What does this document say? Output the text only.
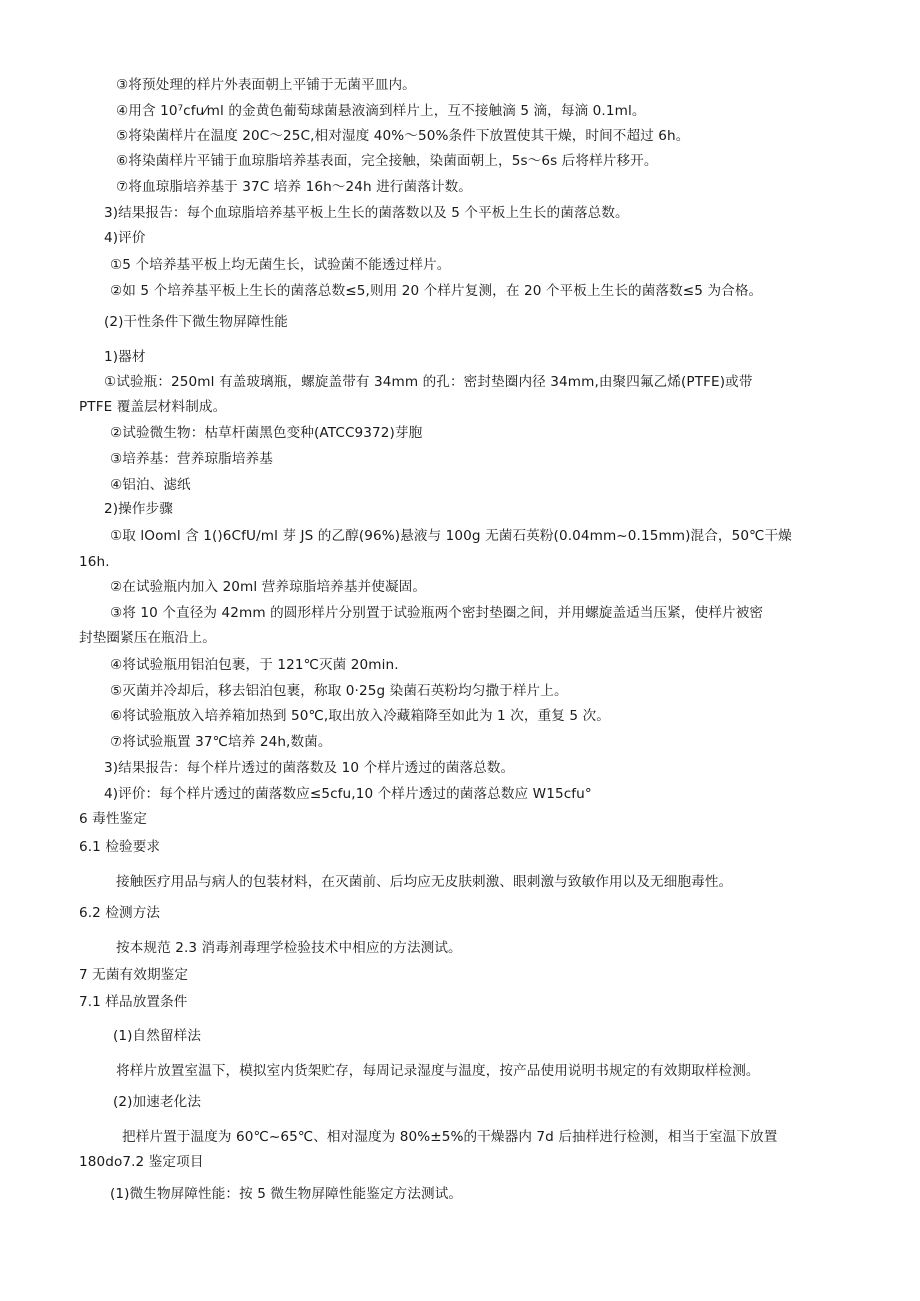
③将预处理的样片外表面朝上平铺于无菌平皿内。
④用含 10⁷cfu⁄ml 的金黄色葡萄球菌悬液滴到样片上，互不接触滴 5 滴，每滴 0.1ml。
⑤将染菌样片在温度 20C～25C,相对湿度 40%～50%条件下放置使其干燥，时间不超过 6h。
⑥将染菌样片平铺于血琼脂培养基表面，完全接触，染菌面朝上，5s～6s 后将样片移开。
⑦将血琼脂培养基于 37C 培养 16h～24h 进行菌落计数。
3)结果报告：每个血琼脂培养基平板上生长的菌落数以及 5 个平板上生长的菌落总数。
4)评价
①5 个培养基平板上均无菌生长，试验菌不能透过样片。
②如 5 个培养基平板上生长的菌落总数≤5,则用 20 个样片复测，在 20 个平板上生长的菌落数≤5 为合格。
(2)干性条件下微生物屏障性能
1)器材
①试验瓶：250ml 有盖玻璃瓶，螺旋盖带有 34mm 的孔：密封垫圈内径 34mm,由聚四氟乙烯(PTFE)或带
PTFE 覆盖层材料制成。
②试验微生物：枯草杆菌黑色变种(ATCC9372)芽胞
③培养基：营养琼脂培养基
④铝泊、滤纸
2)操作步骤
①取 lOoml 含 1()6CfU/ml 芽 JS 的乙醇(96%)悬液与 100g 无菌石英粉(0.04mm~0.15mm)混合，50℃干燥
16h.
②在试验瓶内加入 20ml 营养琼脂培养基并使凝固。
③将 10 个直径为 42mm 的圆形样片分别置于试验瓶两个密封垫圈之间，并用螺旋盖适当压紧，使样片被密
封垫圈紧压在瓶沿上。
④将试验瓶用铝泊包裹，于 121℃灭菌 20min.
⑤灭菌并冷却后，移去铝泊包裹，称取 0·25g 染菌石英粉均匀撒于样片上。
⑥将试验瓶放入培养箱加热到 50℃,取出放入冷藏箱降至如此为 1 次，重复 5 次。
⑦将试验瓶置 37℃培养 24h,数菌。
3)结果报告：每个样片透过的菌落数及 10 个样片透过的菌落总数。
4)评价：每个样片透过的菌落数应≤5cfu,10 个样片透过的菌落总数应 W15cfu°
6 毒性鉴定
6.1 检验要求
接触医疗用品与病人的包装材料，在灭菌前、后均应无皮肤刺激、眼刺激与致敏作用以及无细胞毒性。
6.2 检测方法
按本规范 2.3 消毒剂毒理学检验技术中相应的方法测试。
7 无菌有效期鉴定
7.1 样品放置条件
(1)自然留样法
将样片放置室温下，模拟室内货架贮存，每周记录湿度与温度，按产品使用说明书规定的有效期取样检测。
(2)加速老化法
把样片置于温度为 60℃~65℃、相对湿度为 80%±5%的干燥器内 7d 后抽样进行检测，相当于室温下放置
180do7.2 鉴定项目
(1)微生物屏障性能：按 5 微生物屏障性能鉴定方法测试。
